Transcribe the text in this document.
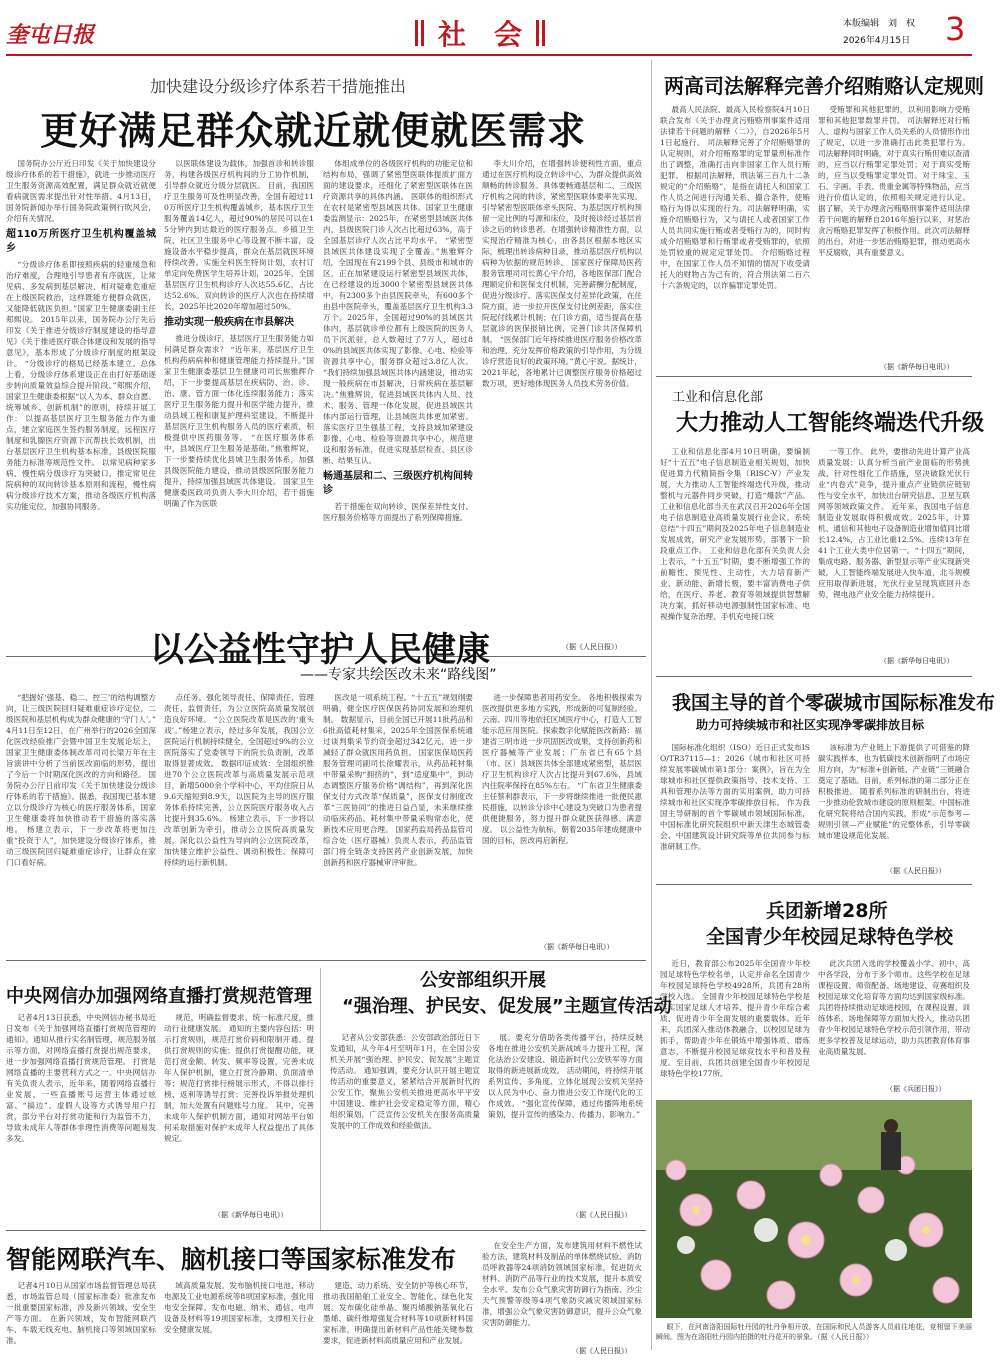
奎屯日报	社　会	本版编辑　刘　权
2026年4月15日 3
加快建设分级诊疗体系若干措施推出
更好满足群众就近就便就医需求

国务院办公厅近日印发《关于加快建设分级诊疗体系的若干措施》，就进一步推动医疗卫生服务资源高效配置，满足群众就近就便看病就医需求提出针对性举措。4月13日，国务院新闻办举行国务院政策例行吹风会，介绍有关情况。

超110万所医疗卫生机构覆盖城乡

“分级诊疗体系即按照疾病的轻重缓急和治疗难度，合理地引导患者有序就医，让常见病、多发病到基层解决，相对疑难危重症在上级医院救治，这样既能方便群众就医，又能降低就医负担。”国家卫生健康委副主任郏熙说。 2015年以来，国务院办公厅先后印发《关于推进分级诊疗制度建设的指导意见》《关于推进医疗联合体建设和发展的指导意见》，基本形成了分级诊疗制度的框架设计。 “分级诊疗的格局已经基本建立。总体上看，分级诊疗体系建设正在由打好基础逐步转向质量效益综合提升阶段。”郏熙介绍，国家卫生健康委根据“以人为本、群众自愿、统筹城乡、创新机制”的原则，持续开展工作： 以提高基层医疗卫生服务能力作为重点，建立家庭医生签约服务制度，远程医疗制度和乳腺医疗资源下沉帮扶长效机制，出台基层医疗卫生机构基本标准，县级医院服务能力标准等规范性文件。 以常见病种家多病、慢性病分级诊疗为突破口，推定常见住院病种的双向转诊基本原则和流程，慢性病病分级诊疗技术方案，推动各级医疗机构落实功能定位，加强协同服务。

以医联体建设为载体，加强首诊和转诊服务，构建各级医疗机构间的分工协作机制，引导群众就近分级分层就医。 目前，我国医疗卫生服务可及性明显改善，全国有超过110万所医疗卫生机构覆盖城乡，基本医疗卫生服务覆盖14亿人，超过90%的居民可以在15分钟内到达最近的医疗服务点。乡镇卫生院、社区卫生服务中心等设置不断丰富，设施设备水平稳步提高，群众在基层就医环境持续改善。实施全科医生特岗计划，农村订单定向免费医学生培养计划，2025年，全国基层医疗卫生机构诊疗人次达55.6亿，占比达52.6%。双向转诊的医疗人次也在持续增长，2025年比2020年增加超过50%。

推动实现一般疾病在市县解决

推进分级诊疗，基层医疗卫生服务能力如何满足群众需求？ “近年来，基层医疗卫生机构药病病种和健康管理能力持续提升。”国家卫生健康委基层卫生健康司司长焦雅辉介绍，下一步要提高基层在疾病防、治、诊、治、康、管方面一体化连续服务能力；落实医疗卫生服务能力提升和医学能力提升，推动县域工程和康复护理科室建设，不断提升基层医疗卫生机构服务人员的医疗素质，积极提供中医药服务等。 “在医疗服务体系中，县域医疗卫生服务是基础。”焦雅辉说，下一步要持续优化县城卫生服务体系，加强县级医院能力建设，推动县级医院服务能力提升，持续加强县域医共体建设。 国家卫生健康委医政司负责人李大川介绍，若干措施明确了作为医联

体组成单位的各级医疗机构的功能定位和结构布局，强调了紧密型医联体提质扩面方面的建设要求，还细化了紧密型医联体在医疗资源共享的具体内涵。 医联体的组织形式在农村是紧密型县域医共体。国家卫生健康委监测显示：2025年，在紧密型县域医共体内，县级医院门诊人次占比超过63%，高于全国基层诊疗人次占比平均水平。 “紧密型县域医共体建设实现了全覆盖。”焦雅辉介绍，全国现在有2199个县、县级市和城市的区，正在加紧建设运行紧密型县域医共体，在已经建设的近3000个紧密型县域医共体中，有2300多个由县医院牵头，有600多个由县中医院牵头，覆盖基层医疗卫生机构3.3万个。2025年，全国超过90%的县域医共体内，基层就诊单位都有上级医院的医务人员下沉派驻，总人数超过了7万人，超过80%的县域医共体实现了影像、心电、检验等资源共享中心，服务群众超过3.8亿人次。 “我们持续加强县域医共体内涵建设，推动实现一般疾病在市县解决，日常疾病在基层解决。”焦雅辉说，促进县域医共体内人员、技术、服务、管理一体化发展，促进县域医共体内部运行管理，让县域医共体更加紧密。落实医疗卫生强基工程，支持县域加紧建设影像、心电、检验等资源共享中心，规范建设和服务标准，促进实现基层检查、县区诊断、结果互认。

畅通基层和二、三级医疗机构间转诊

若干措施在双向转诊、医保差异性支付、医疗服务价格等方面提出了系列保障措施。

李大川介绍，在增强转诊便利性方面，重点通过在医疗机构设立转诊中心，为群众提供高效顺畅的转诊服务。具体要畅通基层和二、三级医疗机构之间的转诊，紧密型医联体要率先实现。引导紧密型医联体牵头医院、为基层医疗机构预留一定比例的号源和床位，及时接诊经过基层首诊之后的转诊患者。在增强转诊精准性方面，以实现治疗精准为核心，由各县区根据本地区实际，梳理出转诊病种目录，推动基层医疗机构以病种为依据的规范转诊。 国家医疗保障局医药服务管理司司长黄心宇介绍，各地医保部门配合理顺定价和医保支付机制，完善薪酬分配制度，促进分级诊疗。落实医保支付差异化政策，在住院方面，进一步拉开医保支付比例差距，落实住院起付线累计机制；在门诊方面，适当提高在基层就诊的医保报销比例，完善门诊共济保障机制。 “医保部门近年持续推进医疗服务价格改革和治理，充分发挥价格政策的引导作用，为分级诊疗营造良好的政策环境。”黄心宇说。据统计，2021年起，各地累计已调整医疗服务价格超过数万项，更好地体现医务人员技术劳务价值。

（据《人民日报》）
以公益性守护人民健康
——专家共绘医改未来“路线图”

“把握好‘强基、稳二、控三’的结构调整方向，让三级医院回归疑难重症诊疗定位，二级医院和基层机构成为群众健康的‘守门人’。” 4月11日至12日，在广州举行的2026全国深化医改经验推广会暨中国卫生发展论坛上，国家卫生健康委体制改革司司长梁万年在主旨演讲中分析了当前医改面临的形势，提出了今后一个时期深化医改的方向和路径。 国务院办公厅日前印发《关于加快建设分级诊疗体系的若干措施》。据悉，我国现已基本建立以分级诊疗为核心的医疗服务体系，国家卫生健康委将加快推动若干措施的落实落地。 杨建立表示，下一步改革将更加注重“投资于人”，加快建设分级诊疗体系，推动三级医院回归疑难重症诊疗，让群众在家门口看好病。

点任务。强化领导责任、保障责任、管理责任、监督责任，为公立医院高质量发展创造良好环境。 “公立医院改革是医改的‘重头戏’。”杨建立表示，经过多年发展，我国公立医院运行机制持续健全，全国超过9%的公立医院落实了党委领导下的院长负责制，改革取得显著成效。 数据印证成效：全国组织推进70个公立医院改革与高质量发展示范项目，新增5000余个学科中心，平均住院日从9.6天缩短到8.9天，以医院为主导的医疗服务体系持续完善，公立医院医疗服务收入占比提升到35.6%。 杨建立表示，下一步将以改革创新为牵引，推动公立医院高质量发展，深化以公益性为导向的公立医院改革，加快建立维护公益性、调动积极性、保障可持续的运行新机制。

医改是一项系统工程。“十五五”规划纲要明确，健全医疗医保医药协同发展和治理机制。 数据显示，目前全国已开展11批药品和6批高值耗材集采，2025年全国医保系统通过谈判集采节约资金超过342亿元，进一步减轻了群众就医用药负担。 国家医保局医药服务管理司副司长徐耀表示，从药品耗材集中带量采购“拥挤的”，到“适度集中”，到动态调整医疗服务价格“调结构”，再到深化医保支付方式改革“保质量”，医保支付制度改革“三医协同”的推进日益凸显，未来继续推动临床药品、耗材集中带量采购常态化，使新技术应用更合理。 国家药监局药品监管司综合处（医疗器械）负责人表示，药品监管部门将全链条支持医药产业创新发展，加快创新药和医疗器械审评审批。

进一步保障患者用药安全。 各地积极探索为医改提供更多地方实践，形成新的可复制经验。云南、四川等地依托区域医疗中心，打造人工智能示范应用医院。探索数字化赋能医改新路：福建省三明市进一步巩固医改成果，支持创新药和医疗器械等产业发展；广东省已有65个县（市、区）县域医共体全部建成紧密型，基层医疗卫生机构诊疗人次占比提升到67.6%，县域内住院率保持在85%左右。 “广东省卫生健康委主任蔡利群表示，下一步将继续推进一批便民惠民措施，以转诊分诊中心建设为突破口为患者提供便捷服务，努力提升群众就医获得感、满意度。 以公益性为航标，朝着2035年建成健康中国的目标，医改再启新程。

（据《新华每日电讯》）
中央网信办加强网络直播打赏规范管理

记者4月13日获悉，中央网信办秘书局近日发布《关于加强网络直播打赏规范管理的通知》。通知从推行实名制管理、规范服务展示等方面，对网络直播打赏提出规范要求，进一步加强网络直播打赏规范管理。 打赏是网络直播的主要营利方式之一。中央网信办有关负责人表示，近年来，随着网络直播行业发展，一些直播账号运营主体通过炫富、“搞边”、虚假人设等方式诱导用户打赏，部分平台对打赏功能和行为监管不力，导致未成年人等群体非理性消费等问题易发多发。

规范，明确监督要求，统一标准尺度，推动行业健康发展。 通知的主要内容包括：明示打赏规则，规范打赏价码和限制开通、提供打赏规则的实施；提供打赏提醒功能，规范打赏金额、转发、频率等设置，完善未成年人保护机制，建立打赏冷静期、负面清单等；规范打赏排行榜展示形式，不得以排行榜、返利等诱导打赏；完善投诉举报处理机制，加大处置有问题账号力度。 其中，完善未成年人保护机制方面，通知对网站平台如何采取措施对保护未成年人权益提出了具体规定。

（据《新华每日电讯》）
公安部组织开展
“强治理、护民安、促发展”主题宣传活动

记者从公安部获悉：公安部政治部近日下发通知，从今年4月至明年1月，在全国公安机关开展“强治理、护民安、促发展”主题宣传活动。 通知强调，要充分认识开展主题宣传活动的重要意义，紧紧结合开展新时代的公安工作，聚焦公安机关推进更高水平平安中国建设、维护社会安定稳定等方面，精心组织策划，广泛宣传公安机关在服务高质量发展中的工作成效和经验做法。

展。要充分借助各类传播平台，持续反映各地在推进公安机关新战域斗力提升工程，深化法治公安建设、锻造新时代公安铁军等方面取得的新进展新成效。 活动期间，将持续开展系列宣传、多角度、立体化展现公安机关坚持以人民为中心、奋力推进公安工作现代化的工作成效。 “强化宣传保障，通过传播阵地系统策划，提升宣传的感染力、传播力、影响力。”

（据《人民日报》）
智能网联汽车、脑机接口等国家标准发布

记者4月10日从国家市场监督管理总局获悉，市场监管总局（国家标准委）批准发布一批重要国家标准，涉及新兴领域、安全生产等方面。 在新兴领域，发布智能网联汽车、车载无线充电、脑机接口等领域国家标准。

域高质量发展。发布脑机接口电池、移动电源及工业电源系统等8项国家标准，强化用电安全保障。发布电磁、纳米、通信、电声设备及材料等19项国家标准，支撑相关行业安全健康发展。

建造、动力系统、安全防护等核心环节，推动我国船舶工业安全、智能化、绿色化发展。发布碳化硅单晶、聚丙烯酸钠基氧化石墨烯、碳纤维增强复合材料等10项新材料国家标准，明确提出新材料产品性能关键参数要求，促进新材料高质量应用和产业发展。

在安全生产方面，发布建筑用材料不燃性试验方法、建筑材料及制品的单体燃烧试验、消防员呼救器等24项消防领域国家标准，促进防火材料、消防产品等行业的技术发展，提升本质安全水平。发布公众气象灾害防御行为指南、沙尘天气预警等级等4项气象防灾减灾领域国家标准，增强公众气象灾害防御意识，提升公众气象灾害防御能力。

（据《人民日报》）
两高司法解释完善介绍贿赂认定规则

最高人民法院、最高人民检察院4月10日联合发布《关于办理贪污贿赂刑事案件适用法律若干问题的解释（二）》，自2026年5月1日起施行。 司法解释完善了介绍贿赂罪的认定规则，对介绍贿赂罪的定罪量刑标准作出了调整，准确打击向非国家工作人员行贿犯罪。 根据司法解释，刑法第三百九十二条规定的“介绍贿赂”，是指在请托人和国家工作人员之间进行沟通关系、撮合条件，使贿赂行为得以实现的行为。司法解释明确，实施介绍贿赂行为，又与请托人或者国家工作人员共同实施行贿或者受贿行为的，同时构成介绍贿赂罪和行贿罪或者受贿罪的，依照处罚较重的规定定罪处罚。 介绍贿赂过程中，在国家工作人员不知情的情况下收受请托人的财物占为己有的，符合刑法第二百六十六条规定的，以诈骗罪定罪处罚。

受贿罪和其他犯罪的，以利用影响力受贿罪和其他犯罪数罪并罚。 司法解释还对行贿人、虚构与国家工作人员关系的人员情形作出了规定，以进一步准确打击此类犯罪行为。 司法解释同时明确，对于真实行贿但难以查清的，应当以行贿罪定罪处罚；对于真实受贿的，应当以受贿罪定罪处罚。对于珠宝、玉石、字画、手表、贵重金属等特殊物品，应当进行价值认定的，依照相关规定进行认定。 据了解，关于办理贪污贿赂刑事案件适用法律若干问题的解释自2016年施行以来，对惩治贪污贿赂犯罪发挥了积极作用。此次司法解释的出台，对进一步惩治贿赂犯罪，推动更高水平反腐败，具有重要意义。

（据《新华每日电讯》）
工业和信息化部
大力推动人工智能终端迭代升级

工业和信息化部4月10日明确，要编制好“十五五”电子信息制造业相关规划，加快促进算力代精简指令集（RISC-V）产业发展，大力推动人工智能终端迭代升级，推动整机与元器件同步突破，打造“爆款”产品。 工业和信息化部当天在武汉召开2026年全国电子信息制造业高质量发展行业会议。系统总结“十四五”期间及2025年电子信息制造业发展成效，研究产业发展形势，部署下一阶段重点工作。 工业和信息化部有关负责人会上表示，“十五五”时期，要不断增强工作的前瞻性、预见性、主动性，大力培育新产业、新动能、新增长极，要丰富消费电子供给，在医疗、养老、教育等领域提供智慧解决方案，抓好移动电源强制性国家标准、电视操作复杂治理、手机充电接口统

一等工作。 此外，要推动先进计算产业高质量发展；认真分析当前产业面临的形势挑战，针对性细化工作措施，坚决破除光伏行业“内卷式”竞争，提升重点产业链供应链韧性与安全水平，加快出台研究信息、卫星互联网等领域政策文件。 近年来，我国电子信息制造业发展取得积极成效。2025年，计算机、通信和其他电子设备制造业增加值同比增长12.4%，占工业比重12.5%。连续13年在41个工业大类中位居第一。“十四五”期间，集成电路、服务器、新型显示等产业实现新突破，人工智能终端发展进入快车道，北斗规模应用取得新进展，光伏行业呈现筑底回升态势，锂电池产业安全能力持续提升。

（据《新华每日电讯》）
我国主导的首个零碳城市国际标准发布
助力可持续城市和社区实现净零碳排放目标

国际标准化组织（ISO）近日正式发布ISO/TR37115—1：2026《城市和社区可持续发展零碳城市第1部分：案例》，旨在为全球城市和社区提供政策指导、技术支持、工具和管理办法等方面的实用案例，助力可持续城市和社区实现净零碳排放目标。 作为我国主导研制的首个零碳城市领域国际标准，中国标准化研究院组织中新天津生态城管委会、中国建筑设计研究院等单位共同参与标准研制工作。

该标准为产业链上下游提供了可借鉴的降碳实践样本，也为低碳技术创新指明了市场应用方向，为“标准+创新链、产业链”三链融合奠定了基础。目前，系列标准的第二部分正在积极推进。 随着系列标准的研制出台，将进一步推动伦敦城市建设的原则框架。中国标准化研究院将结合国内实践，形成“示范参考—规则引领—产业赋能”的完整体系，引导零碳城市建设规范化发展。

（据《人民日报》）
兵团新增28所
全国青少年校园足球特色学校

近日，教育部公布2025年全国青少年校园足球特色学校名单，认定并命名全国青少年校园足球特色学校4928所，兵团有28所学校入选。 全国青少年校园足球特色学校是落实国家足球人才培养、提升青少年综合素质、促进青少年全面发展的重要载体。近年来，兵团深入推动体教融合，以校园足球为抓手，帮助青少年在锻炼中增强体质、磨炼意志，不断提升校园足球竞技水平和普及程度。至目前，兵团共创建全国青少年校园足球特色学校177所。

此次兵团入选的学校覆盖小学、初中、高中各学段，分布于多个师市。这些学校在足球课程设置、师资配备、场地建设、竞赛组织及校园足球文化培育等方面均达到国家级标准。兵团将持续推动足球进校园，在课程设置、训练体系、场地保障等方面加大投入，推动兵团青少年校园足球特色学校示范引领作用，带动更多学校普及足球运动，助力兵团教育体育事业高质量发展。

（据《兵团日报》）

眼下，在河南洛阳国际牡丹园的牡丹争相开放，在国际和民人员游客人员前往地花，竞相留下美丽瞬间。图为在洛阳牡丹园内拍摄的牡丹花开的景象。（据《人民日报》）
